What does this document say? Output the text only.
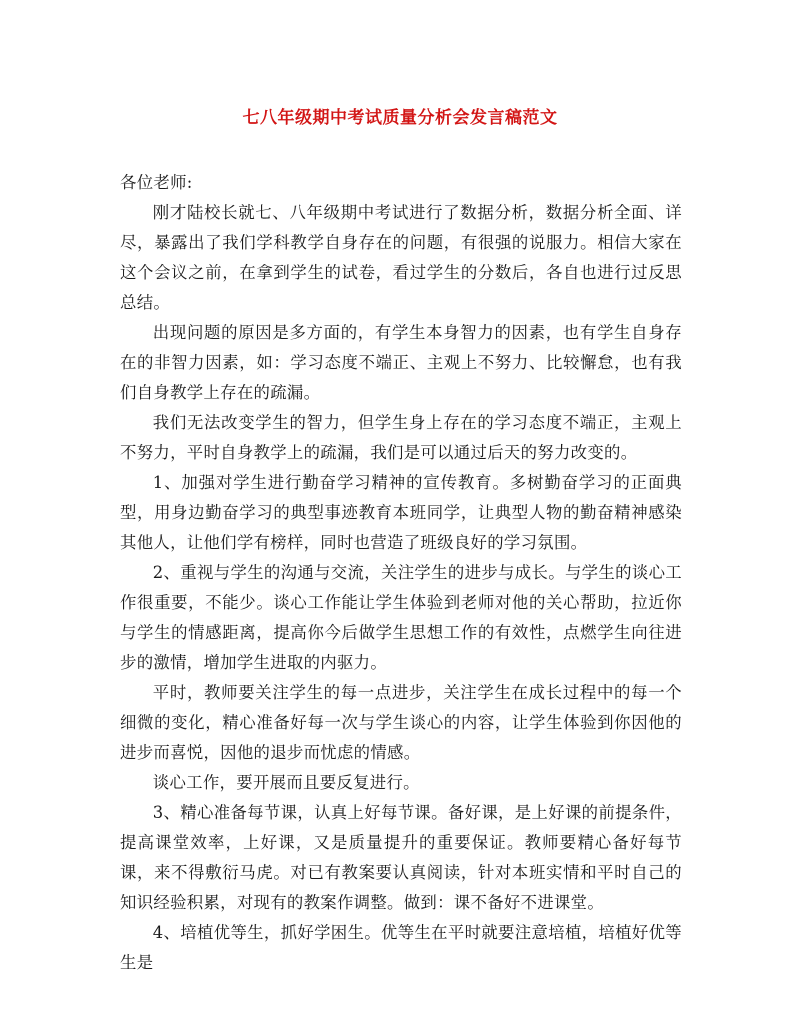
七八年级期中考试质量分析会发言稿范文

各位老师:

刚才陆校长就七、八年级期中考试进行了数据分析，数据分析全面、详尽，暴露出了我们学科教学自身存在的问题，有很强的说服力。相信大家在这个会议之前，在拿到学生的试卷，看过学生的分数后，各自也进行过反思总结。

出现问题的原因是多方面的，有学生本身智力的因素，也有学生自身存在的非智力因素，如：学习态度不端正、主观上不努力、比较懈怠，也有我们自身教学上存在的疏漏。

我们无法改变学生的智力，但学生身上存在的学习态度不端正，主观上不努力，平时自身教学上的疏漏，我们是可以通过后天的努力改变的。

1、加强对学生进行勤奋学习精神的宣传教育。多树勤奋学习的正面典型，用身边勤奋学习的典型事迹教育本班同学，让典型人物的勤奋精神感染其他人，让他们学有榜样，同时也营造了班级良好的学习氛围。

2、重视与学生的沟通与交流，关注学生的进步与成长。与学生的谈心工作很重要，不能少。谈心工作能让学生体验到老师对他的关心帮助，拉近你与学生的情感距离，提高你今后做学生思想工作的有效性，点燃学生向往进步的激情，增加学生进取的内驱力。

平时，教师要关注学生的每一点进步，关注学生在成长过程中的每一个细微的变化，精心准备好每一次与学生谈心的内容，让学生体验到你因他的进步而喜悦，因他的退步而忧虑的情感。

谈心工作，要开展而且要反复进行。

3、精心准备每节课，认真上好每节课。备好课，是上好课的前提条件，提高课堂效率，上好课，又是质量提升的重要保证。教师要精心备好每节课，来不得敷衍马虎。对已有教案要认真阅读，针对本班实情和平时自己的知识经验积累，对现有的教案作调整。做到：课不备好不进课堂。

4、培植优等生，抓好学困生。优等生在平时就要注意培植，培植好优等生是
